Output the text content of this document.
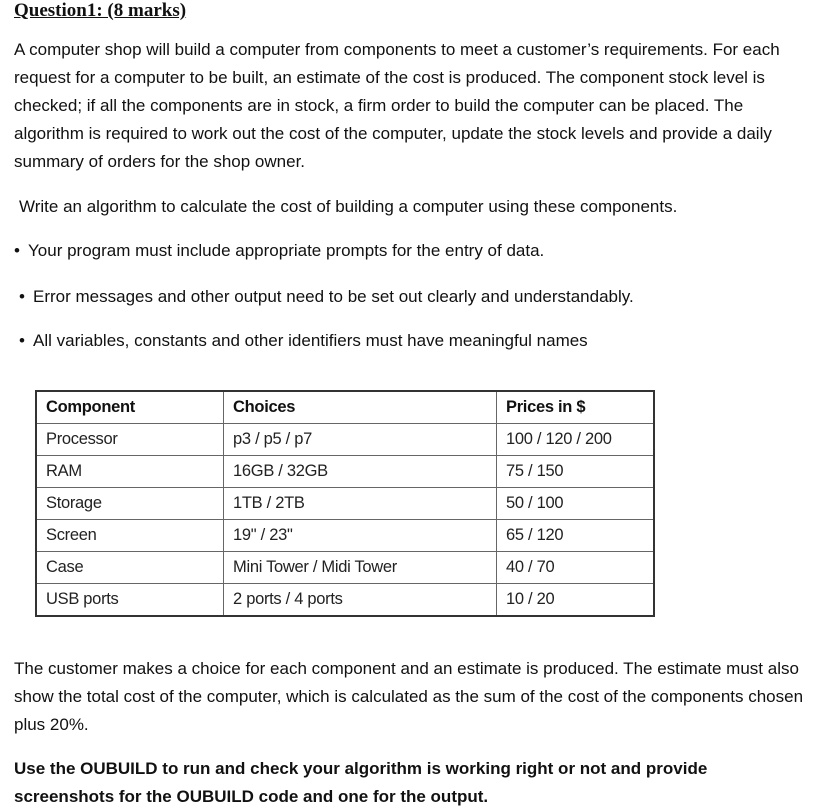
Question1: (8 marks)

A computer shop will build a computer from components to meet a customer’s requirements. For each request for a computer to be built, an estimate of the cost is produced. The component stock level is checked; if all the components are in stock, a firm order to build the computer can be placed. The algorithm is required to work out the cost of the computer, update the stock levels and provide a daily summary of orders for the shop owner.

Write an algorithm to calculate the cost of building a computer using these components.

• Your program must include appropriate prompts for the entry of data.

• Error messages and other output need to be set out clearly and understandably.

• All variables, constants and other identifiers must have meaningful names

Component	Choices	Prices in $
Processor	p3 / p5 / p7	100 / 120 / 200
RAM	16GB / 32GB	75 / 150
Storage	1TB / 2TB	50 / 100
Screen	19" / 23"	65 / 120
Case	Mini Tower / Midi Tower	40 / 70
USB ports	2 ports / 4 ports	10 / 20

The customer makes a choice for each component and an estimate is produced. The estimate must also show the total cost of the computer, which is calculated as the sum of the cost of the components chosen plus 20%.

Use the OUBUILD to run and check your algorithm is working right or not and provide screenshots for the OUBUILD code and one for the output.
